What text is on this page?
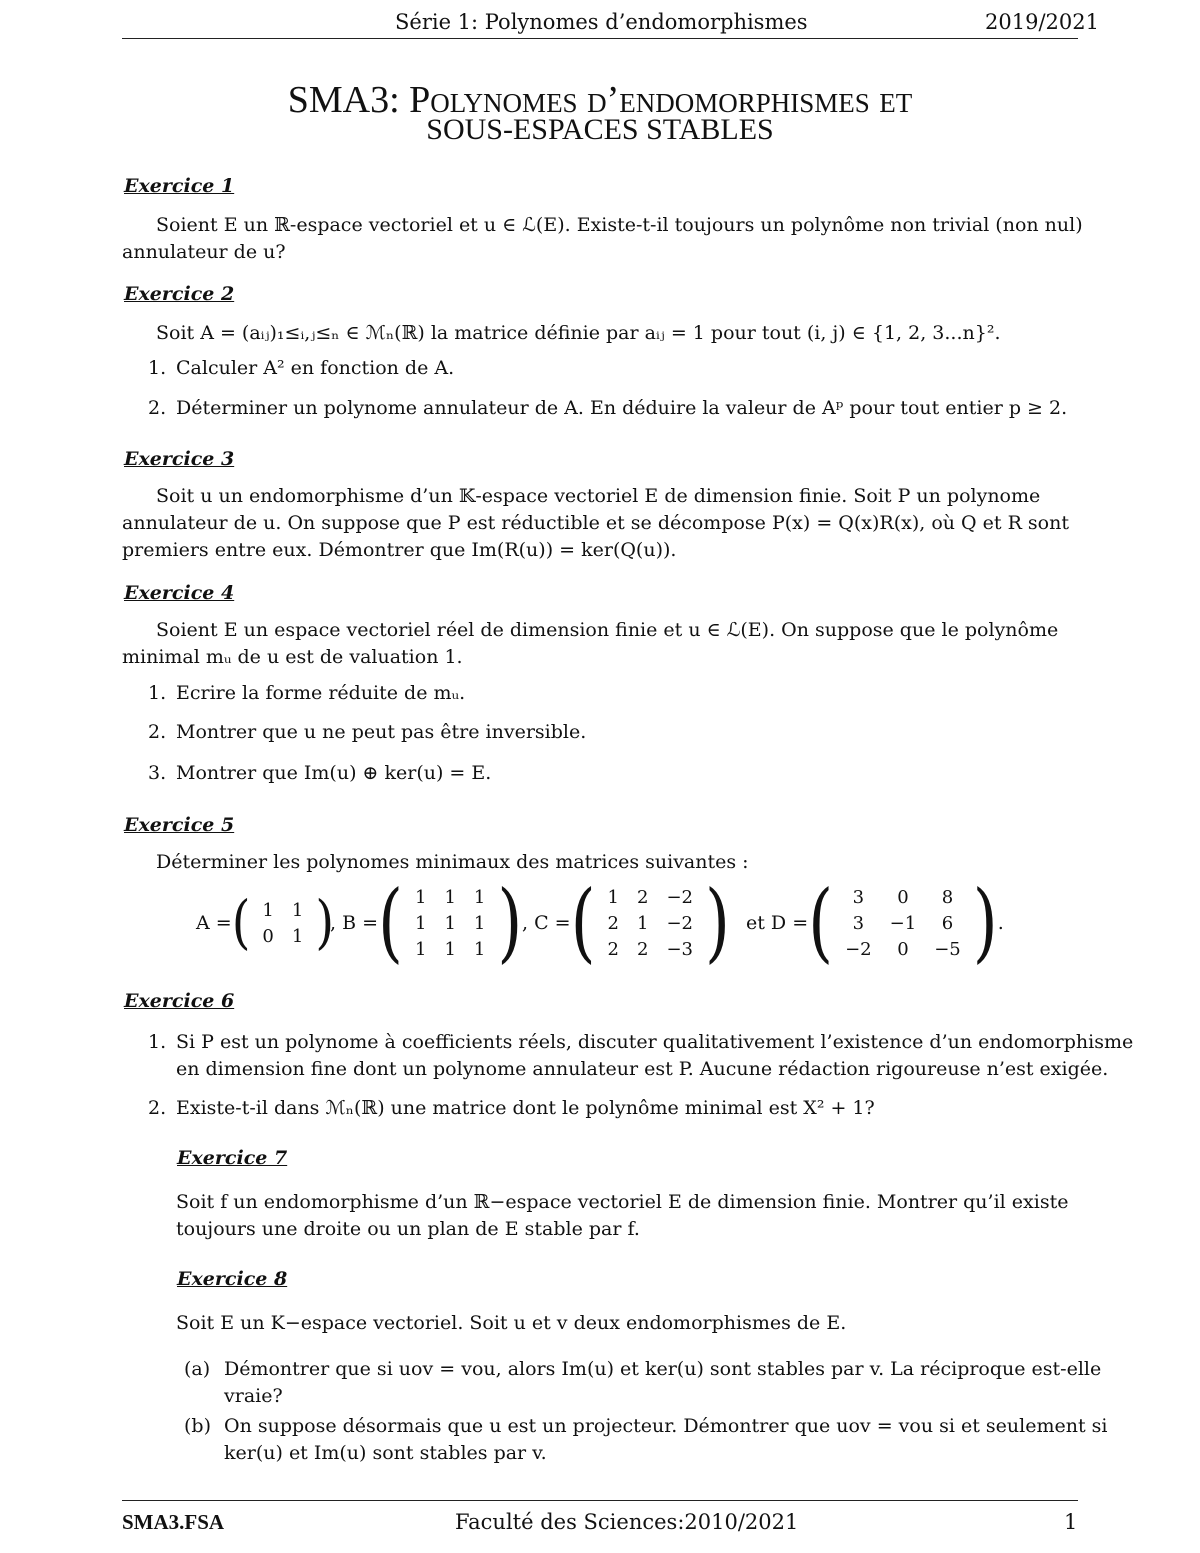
Série 1: Polynomes d’endomorphismes	2019/2021
SMA3: Polynomes d’endomorphismes et
SOUS-ESPACES STABLES
Exercice 1
Soient E un ℝ-espace vectoriel et u ∈ ℒ(E). Existe-t-il toujours un polynôme non trivial (non nul)
annulateur de u?
Exercice 2
Soit A = (aᵢⱼ)₁≤ᵢ,ⱼ≤ₙ ∈ ℳₙ(ℝ) la matrice définie par aᵢⱼ = 1 pour tout (i, j) ∈ {1, 2, 3...n}².
1. Calculer A² en fonction de A.
2. Déterminer un polynome annulateur de A. En déduire la valeur de Aᵖ pour tout entier p ≥ 2.
Exercice 3
Soit u un endomorphisme d’un 𝕂-espace vectoriel E de dimension finie. Soit P un polynome
annulateur de u. On suppose que P est réductible et se décompose P(x) = Q(x)R(x), où Q et R sont
premiers entre eux. Démontrer que Im(R(u)) = ker(Q(u)).
Exercice 4
Soient E un espace vectoriel réel de dimension finie et u ∈ ℒ(E). On suppose que le polynôme
minimal mᵤ de u est de valuation 1.
1. Ecrire la forme réduite de mᵤ.
2. Montrer que u ne peut pas être inversible.
3. Montrer que Im(u) ⊕ ker(u) = E.
Exercice 5
Déterminer les polynomes minimaux des matrices suivantes :
A = ( 1	1
0	1 )
, B = ( 1	1	1
1	1	1
1	1	1 ) , C = ( 1	2	−2
2	1	−2
2	2	−3 ) et D = ( 3	0	8
3	−1	6
−2	0	−5 ) .
Exercice 6
1. Si P est un polynome à coefficients réels, discuter qualitativement l’existence d’un endomorphisme
en dimension fine dont un polynome annulateur est P. Aucune rédaction rigoureuse n’est exigée.
2. Existe-t-il dans ℳₙ(ℝ) une matrice dont le polynôme minimal est X² + 1?
Exercice 7
Soit f un endomorphisme d’un ℝ−espace vectoriel E de dimension finie. Montrer qu’il existe
toujours une droite ou un plan de E stable par f.
Exercice 8
Soit E un K−espace vectoriel. Soit u et v deux endomorphismes de E.
(a) Démontrer que si uov = vou, alors Im(u) et ker(u) sont stables par v. La réciproque est-elle
vraie?
(b) On suppose désormais que u est un projecteur. Démontrer que uov = vou si et seulement si
ker(u) et Im(u) sont stables par v.
SMA3.FSA	Faculté des Sciences:2010/2021	1
